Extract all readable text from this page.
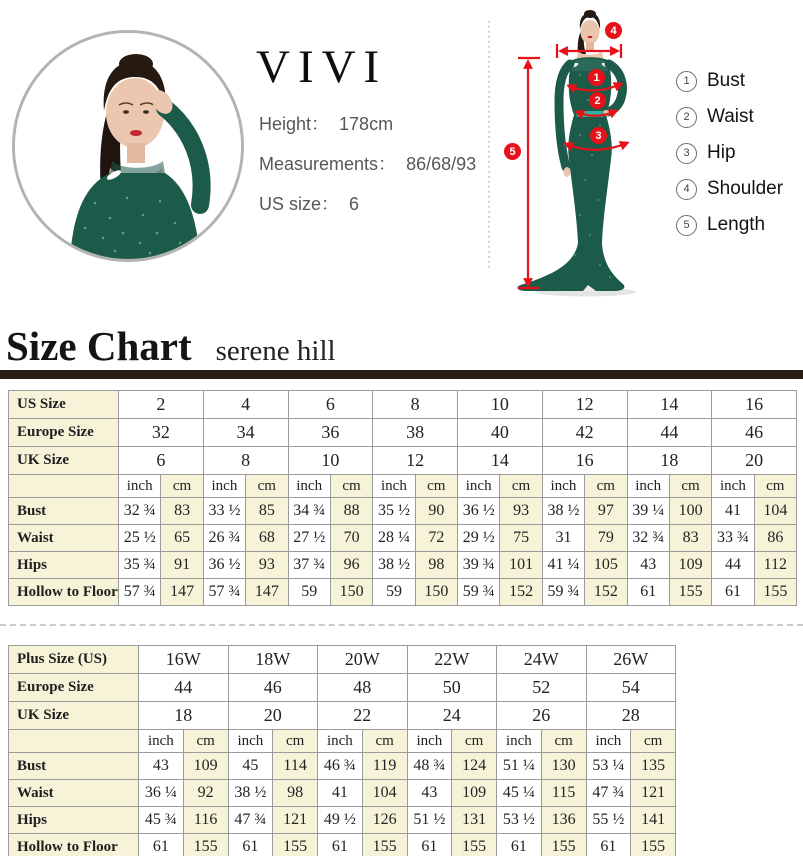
VIVI
Height： 178cm
Measurements： 86/68/93
US size： 6
1
2
3
4
5
1 Bust
2 Waist
3 Hip
4 Shoulder
5 Length
Size Chart serene hill
US Size	2		4		6		8		10		12		14		16	
Europe Size	32		34		36		38		40		42		44		46	
UK Size	6		8		10		12		14		16		18		20	
	inch	cm	inch	cm	inch	cm	inch	cm	inch	cm	inch	cm	inch	cm	inch	cm
Bust	32 ¾	83	33 ½	85	34 ¾	88	35 ½	90	36 ½	93	38 ½	97	39 ¼	100	41	104
Waist	25 ½	65	26 ¾	68	27 ½	70	28 ¼	72	29 ½	75	31	79	32 ¾	83	33 ¾	86
Hips	35 ¾	91	36 ½	93	37 ¾	96	38 ½	98	39 ¾	101	41 ¼	105	43	109	44	112
Hollow to Floor	57 ¾	147	57 ¾	147	59	150	59	150	59 ¾	152	59 ¾	152	61	155	61	155
Plus Size (US)	16W		18W		20W		22W		24W		26W	
Europe Size	44		46		48		50		52		54	
UK Size	18		20		22		24		26		28	
	inch	cm	inch	cm	inch	cm	inch	cm	inch	cm	inch	cm
Bust	43	109	45	114	46 ¾	119	48 ¾	124	51 ¼	130	53 ¼	135
Waist	36 ¼	92	38 ½	98	41	104	43	109	45 ¼	115	47 ¾	121
Hips	45 ¾	116	47 ¾	121	49 ½	126	51 ½	131	53 ½	136	55 ½	141
Hollow to Floor	61	155	61	155	61	155	61	155	61	155	61	155
